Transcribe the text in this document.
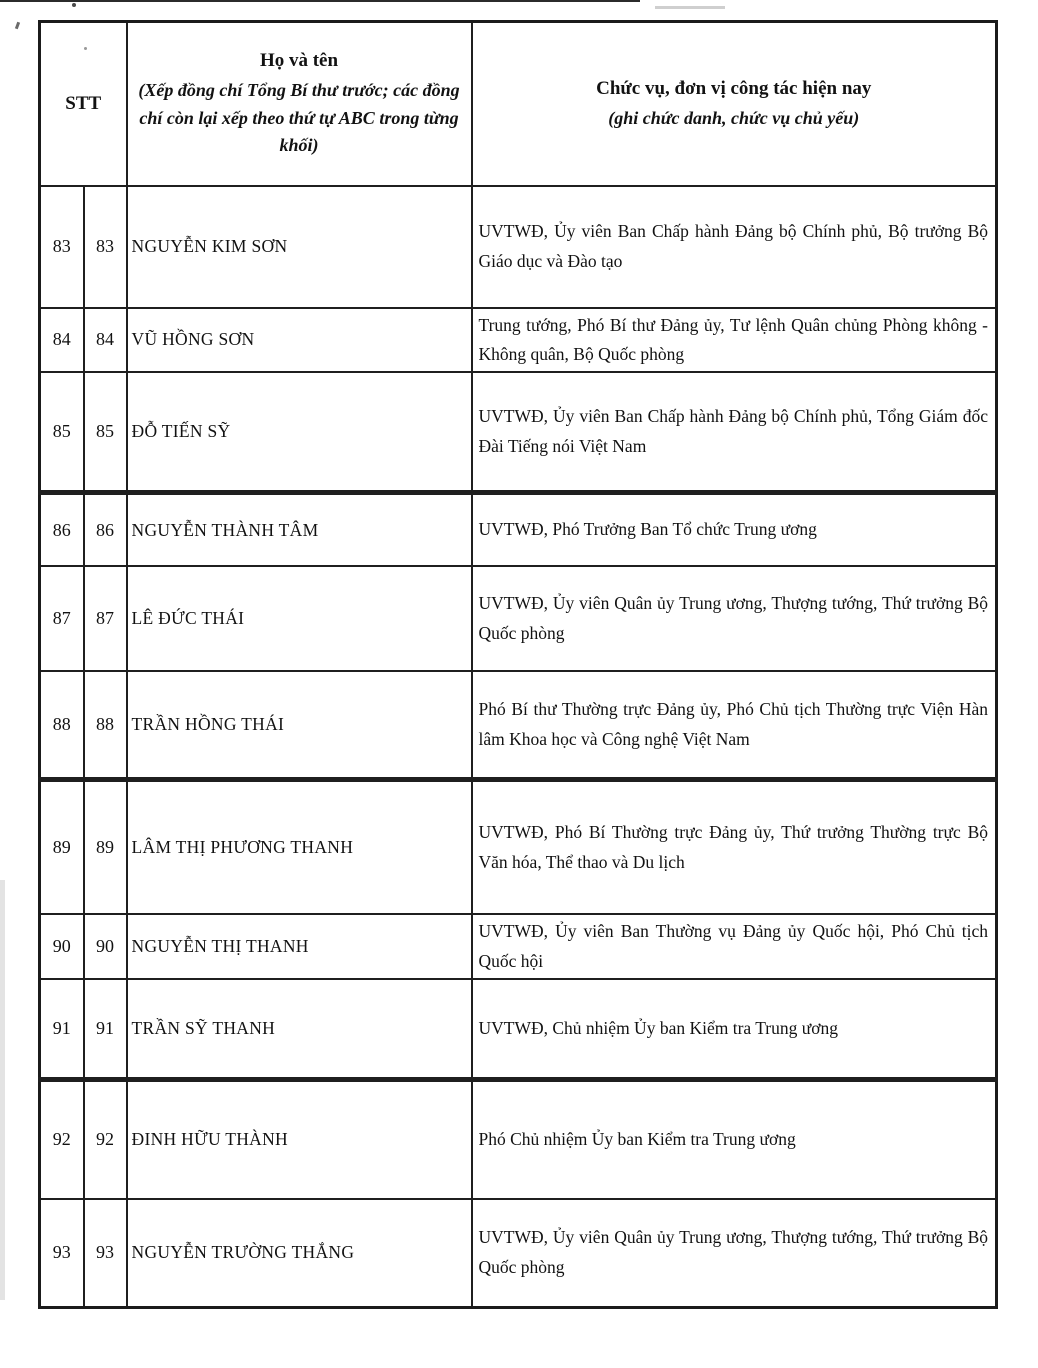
STT

Họ và tên
(Xếp đồng chí Tổng Bí thư trước; các đồng chí còn lại xếp theo thứ tự ABC trong từng khối)

Chức vụ, đơn vị công tác hiện nay
(ghi chức danh, chức vụ chủ yếu)

83	83	NGUYỄN KIM SƠN	UVTWĐ, Ủy viên Ban Chấp hành Đảng bộ Chính phủ, Bộ trưởng Bộ Giáo dục và Đào tạo
84	84	VŨ HỒNG SƠN	Trung tướng, Phó Bí thư Đảng ủy, Tư lệnh Quân chủng Phòng không - Không quân, Bộ Quốc phòng
85	85	ĐỖ TIẾN SỸ	UVTWĐ, Ủy viên Ban Chấp hành Đảng bộ Chính phủ, Tổng Giám đốc Đài Tiếng nói Việt Nam
86	86	NGUYỄN THÀNH TÂM	UVTWĐ, Phó Trưởng Ban Tổ chức Trung ương
87	87	LÊ ĐỨC THÁI	UVTWĐ, Ủy viên Quân ủy Trung ương, Thượng tướng, Thứ trưởng Bộ Quốc phòng
88	88	TRẦN HỒNG THÁI	Phó Bí thư Thường trực Đảng ủy, Phó Chủ tịch Thường trực Viện Hàn lâm Khoa học và Công nghệ Việt Nam
89	89	LÂM THỊ PHƯƠNG THANH	UVTWĐ, Phó Bí Thường trực Đảng ủy, Thứ trưởng Thường trực Bộ Văn hóa, Thể thao và Du lịch
90	90	NGUYỄN THỊ THANH	UVTWĐ, Ủy viên Ban Thường vụ Đảng ủy Quốc hội, Phó Chủ tịch Quốc hội
91	91	TRẦN SỸ THANH	UVTWĐ, Chủ nhiệm Ủy ban Kiểm tra Trung ương
92	92	ĐINH HỮU THÀNH	Phó Chủ nhiệm Ủy ban Kiểm tra Trung ương
93	93	NGUYỄN TRƯỜNG THẮNG	UVTWĐ, Ủy viên Quân ủy Trung ương, Thượng tướng, Thứ trưởng Bộ Quốc phòng
